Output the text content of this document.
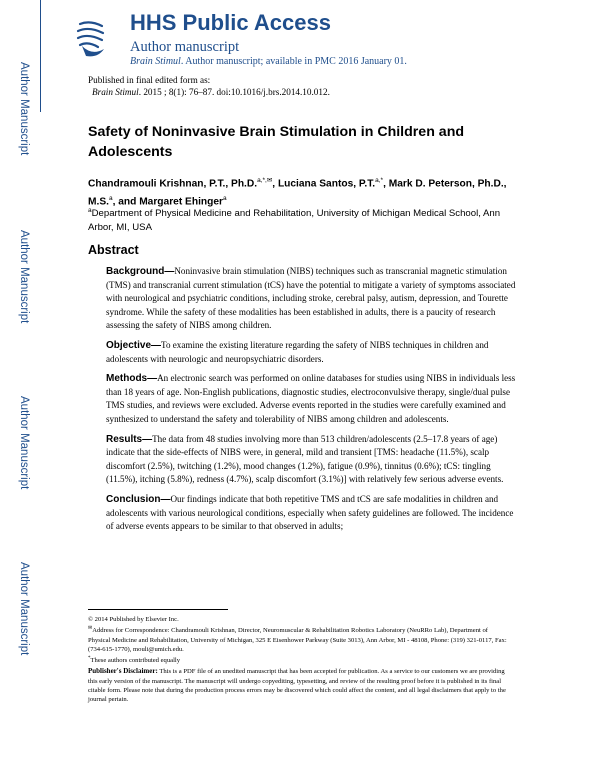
Author Manuscript
Author Manuscript
Author Manuscript
Author Manuscript
HHS Public Access
Author manuscript
Brain Stimul. Author manuscript; available in PMC 2016 January 01.
Published in final edited form as:
Brain Stimul. 2015 ; 8(1): 76–87. doi:10.1016/j.brs.2014.10.012.
Safety of Noninvasive Brain Stimulation in Children and Adolescents
Chandramouli Krishnan, P.T., Ph.D.$^{a,*,✉}$, Luciana Santos, P.T.$^{a,*}$, Mark D. Peterson, Ph.D., M.S.$^a$, and Margaret Ehinger$^a$
$^a$Department of Physical Medicine and Rehabilitation, University of Michigan Medical School, Ann Arbor, MI, USA
Abstract

Background—Noninvasive brain stimulation (NIBS) techniques such as transcranial magnetic stimulation (TMS) and transcranial current stimulation (tCS) have the potential to mitigate a variety of symptoms associated with neurological and psychiatric conditions, including stroke, cerebral palsy, autism, depression, and Tourette syndrome. While the safety of these modalities has been established in adults, there is a paucity of research assessing the safety of NIBS among children.

Objective—To examine the existing literature regarding the safety of NIBS techniques in children and adolescents with neurologic and neuropsychiatric disorders.

Methods—An electronic search was performed on online databases for studies using NIBS in individuals less than 18 years of age. Non-English publications, diagnostic studies, electroconvulsive therapy, single/dual pulse TMS studies, and reviews were excluded. Adverse events reported in the studies were carefully examined and synthesized to understand the safety and tolerability of NIBS among children and adolescents.

Results—The data from 48 studies involving more than 513 children/adolescents (2.5–17.8 years of age) indicate that the side-effects of NIBS were, in general, mild and transient [TMS: headache (11.5%), scalp discomfort (2.5%), twitching (1.2%), mood changes (1.2%), fatigue (0.9%), tinnitus (0.6%); tCS: tingling (11.5%), itching (5.8%), redness (4.7%), scalp discomfort (3.1%)] with relatively few serious adverse events.

Conclusion—Our findings indicate that both repetitive TMS and tCS are safe modalities in children and adolescents with various neurological conditions, especially when safety guidelines are followed. The incidence of adverse events appears to be similar to that observed in adults;

© 2014 Published by Elsevier Inc.
✉Address for Correspondence: Chandramouli Krishnan, Director, Neuromuscular & Rehabilitation Robotics Laboratory (NeuRRo Lab), Department of Physical Medicine and Rehabilitation, University of Michigan, 325 E Eisenhower Parkway (Suite 3013), Ann Arbor, MI - 48108, Phone: (319) 321-0117, Fax: (734-615-1770), mouli@umich.edu.
*These authors contributed equally
Publisher's Disclaimer: This is a PDF file of an unedited manuscript that has been accepted for publication. As a service to our customers we are providing this early version of the manuscript. The manuscript will undergo copyediting, typesetting, and review of the resulting proof before it is published in its final citable form. Please note that during the production process errors may be discovered which could affect the content, and all legal disclaimers that apply to the journal pertain.
